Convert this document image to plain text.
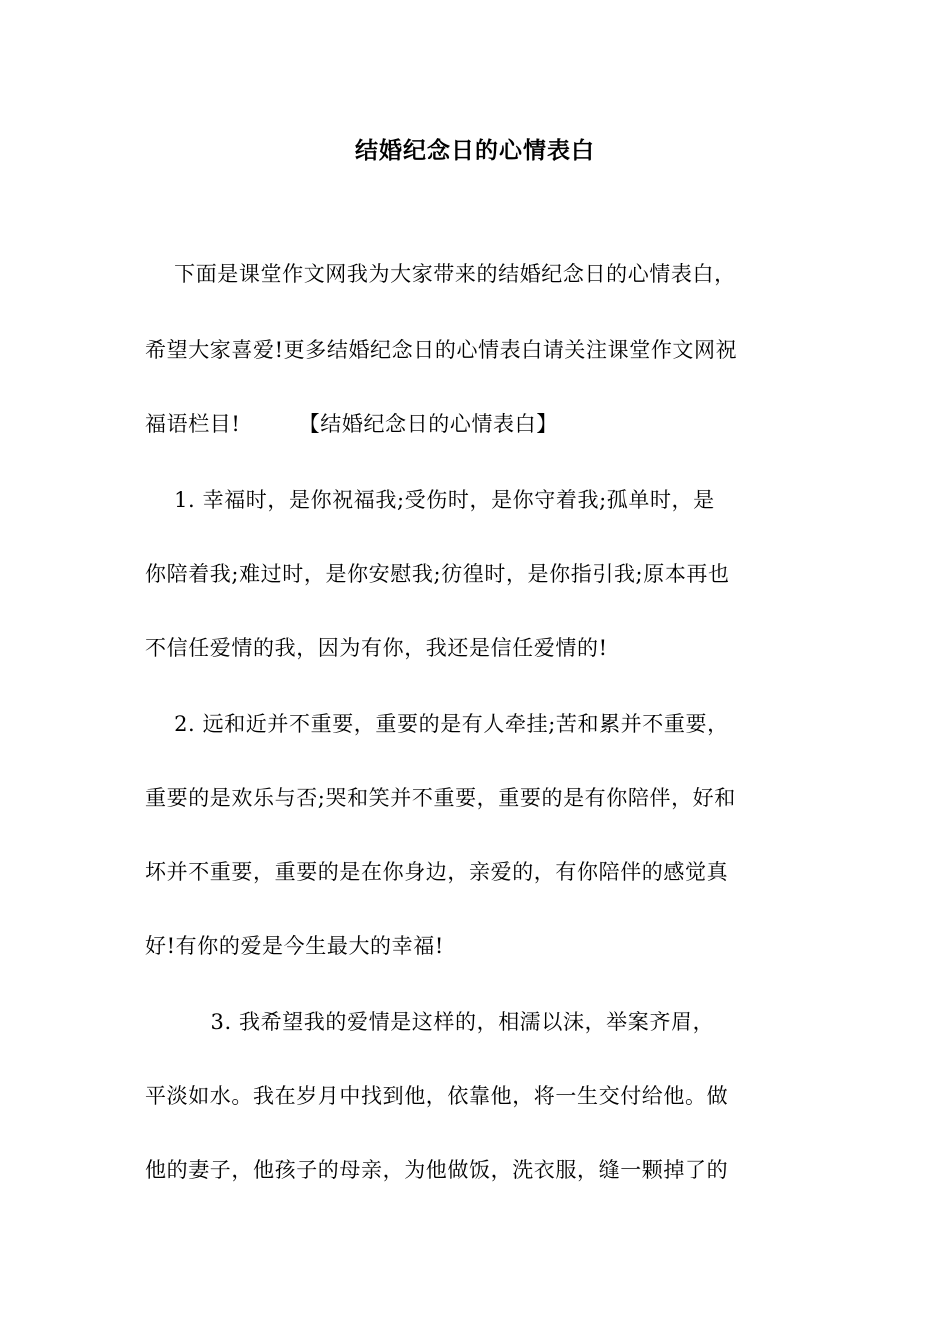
结婚纪念日的心情表白
下面是课堂作文网我为大家带来的结婚纪念日的心情表白，
希望大家喜爱!更多结婚纪念日的心情表白请关注课堂作文网祝
福语栏目!        【结婚纪念日的心情表白】
1. 幸福时，是你祝福我;受伤时，是你守着我;孤单时，是
你陪着我;难过时，是你安慰我;彷徨时，是你指引我;原本再也
不信任爱情的我，因为有你，我还是信任爱情的!
2. 远和近并不重要，重要的是有人牵挂;苦和累并不重要，
重要的是欢乐与否;哭和笑并不重要，重要的是有你陪伴，好和
坏并不重要，重要的是在你身边，亲爱的，有你陪伴的感觉真
好!有你的爱是今生最大的幸福!
3. 我希望我的爱情是这样的，相濡以沫，举案齐眉，
平淡如水。我在岁月中找到他，依靠他，将一生交付给他。做
他的妻子，他孩子的母亲，为他做饭，洗衣服，缝一颗掉了的
